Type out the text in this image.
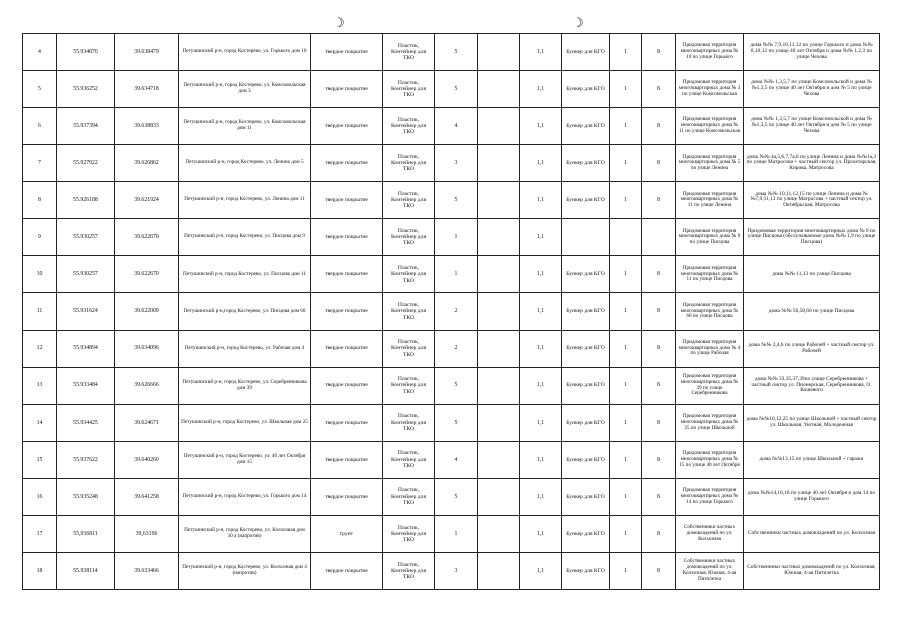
☽	☽
4	55.934876	39.638479	Петушинский р-н, город Костерево, ул. Горького дом 10	твердое покрытие	Пластик, Контейнер для ТКО	5		1,1	Бункер для КГО	1	8	Придомовая территория многоквартирных дома № 10 по улице Горького	дома №№ 7,9,10,11,12 по улице Горького и дома №№ 8,10,12 по улице 40 лет Октября и дома №№ 1,2,3 по улице Чехова
5	55.936252	39.634718	Петушинский р-н, город Костерево, ул. Комсомольская дом 3	твердое покрытие	Пластик, Контейнер для ТКО	5		1,1	Бункер для КГО	1	8	Придомовая территория многоквартирных дома № 3 по улице Комсомольская	дома №№ 1,3,5,7 по улице Комсомольской и дома №№1,3,5 по улице 40 лет Октября и дом № 5 по улице Чехова
6	55.937394	39.638833	Петушинский р-н, город Костерево, ул. Комсомольская дом 11	твердое покрытие	Пластик, Контейнер для ТКО	4		1,1	Бункер для КГО	1	8	Придомовая территория многоквартирных дома № 11 по улице Комсомольская	дома №№ 1,3,5,7 по улице Комсомольской и дома №№1,3,5 по улице 40 лет Октября и дом № 5 по улице Чехова
7	55.927922	39.626862	Петушинский р-н, город Костерево, ул. Ленина дом 5	твердое покрытие	Пластик, Контейнер для ТКО	3		1,1	Бункер для КГО	1	8	Придомовая территория многоквартирных дома № 5 по улице Ленина	дома №№ 4а,5,6,7,7а,8 по улице Ленина и дома №№1а,3 по улице Матросова + частный сектор ул. Пролетарская, Кирова, Матросова
8	55.926188	39.621924	Петушинский р-н, город Костерево, ул. Ленина дом 11	твердое покрытие	Пластик, Контейнер для ТКО	5		1,1	Бункер для КГО	1	8	Придомовая территория многоквартирных дома № 11 по улице Ленина	дома №№ 10,11,12,15 по улице Ленина и дома №№7,9,11,13 по улице Матросова + частный сектор ул. Октябрьская, Матросова
9	55.930257	39.622670	Петушинский р-н, город Костерево, ул. Писцова дом 9	твердое покрытие	Пластик, Контейнер для ТКО	1		1,1				Придомовая территория многоквартирных дома № 9 по улице Писцова	Придомовая территория многоквартирных дома № 9 по улице Писцова (обслуживаемые дома №№ 1,9 по улице Писцова)
10	55.930257	39.622670	Петушинский р-н, город Костерево, ул. Писцова дом 11	твердое покрытие	Пластик, Контейнер для ТКО	1		1,1	Бункер для КГО	1	8	Придомовая территория многоквартирных дома № 11 по улице Писцова	дома №№ 11,13 по улице Писцова
11	55.931624	39.622009	Петушинский р-н,город Костерево, ул. Писцова дом 60	твердое покрытие	Пластик, Контейнер для ТКО	2		1,1	Бункер для КГО	1	8	Придомовая территория многоквартирных дома № 60 по улице Писцова	дома №№ 56,58,60 по улице Писцова
12	55.934894	39.634096	Петушинский р-н, город Костерево, ул. Рабочая дом 4	твердое покрытие	Пластик, Контейнер для ТКО	2		1,1	Бункер для КГО	1	8	Придомовая территория многоквартирных дома № 4 по улице Рабочая	дома №№ 2,4,6 по улице Рабочей + частный сектор ул. Рабочей
13	55.933484	39.626666	Петушинский р-н, город Костерево, ул. Серебренникова дом 39	твердое покрытие	Пластик, Контейнер для ТКО	5		1,1	Бункер для КГО	1	8	Придомовая территория многоквартирных дома № 39 по улице Серебренникова	дома №№ 33,35,37,39по улице Серебренникова + частный сектор ул. Пионерская, Серебренникова, О. Кошевого
14	55.934425	39.624671	Петушинский р-н, город Костерево, ул. Школьная дом 25	твердое покрытие	Пластик, Контейнер для ТКО	5		1,1	Бункер для КГО	1	8	Придомовая территория многоквартирных дома № 25 по улице Школьной	дома №№10,12,25 по улице Школьной + частный сектор ул. Школьная, Уютная, Молодежная
15	55.937622	39.640260	Петушинский р-н, город Костерево, ул. 40 лет Октября дом 15	твердое покрытие	Пластик, Контейнер для ТКО	4		1,1	Бункер для КГО	1	8	Придомовая территория многоквартирных дома № 15 по улице 40 лет Октября	дома №№13,15 по улице Школьной + гаражи
16	55.935248	39.641258	Петушинский р-н, город Костерево, ул. Горького дом 14	твердое покрытие	Пластик, Контейнер для ТКО	5		1,1	Бункер для КГО	1	8	Придомовая территория многоквартирных дома № 14 по улице Горького	дома №№14,16,18 по улице 40 лет Октября и дом 14 по улице Горького
17	55,936811	39,63196	Петушинский р-н, город Костерево, ул. Колхозная дом 30 а (напротив)	грунт	Пластик, Контейнер для ТКО	1		1,1	Бункер для КГО	1	8	Собственники частных домовладений по ул. Колхозная	Собственники частных домовладений по ул. Колхозная
18	55.938114	39.633466	Петушинский р-н, город Костерево, ул. Колхозная дом 4 (напротив)	твердое покрытие	Пластик, Контейнер для ТКО	3		1,1	Бункер для КГО	1	8	Собственники частных домовладений по ул. Колхозная, Южная, 4-ая Пятилетка	Собственники частных домовладений по ул. Колхозная, Южная, 4-ая Пятилетка
